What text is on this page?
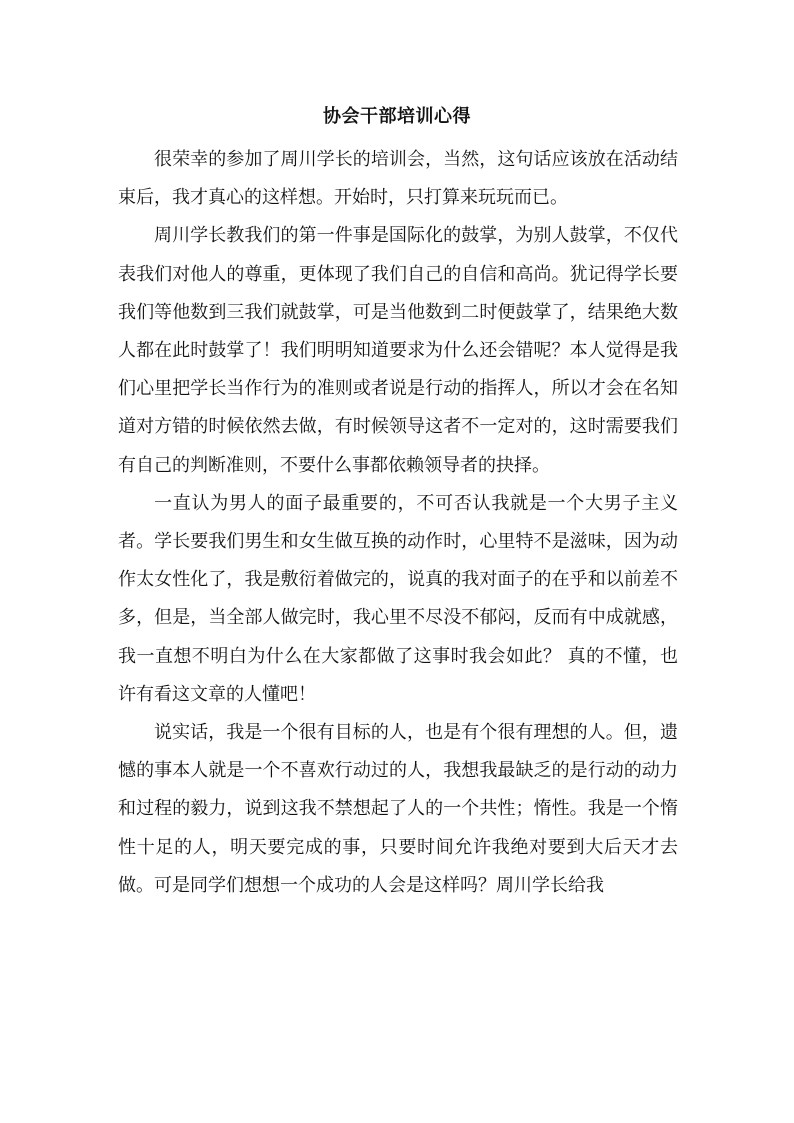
协会干部培训心得

很荣幸的参加了周川学长的培训会，当然，这句话应该放在活动结束后，我才真心的这样想。开始时，只打算来玩玩而已。

周川学长教我们的第一件事是国际化的鼓掌，为别人鼓掌，不仅代表我们对他人的尊重，更体现了我们自己的自信和高尚。犹记得学长要我们等他数到三我们就鼓掌，可是当他数到二时便鼓掌了，结果绝大数人都在此时鼓掌了！我们明明知道要求为什么还会错呢？本人觉得是我们心里把学长当作行为的准则或者说是行动的指挥人，所以才会在名知道对方错的时候依然去做，有时候领导这者不一定对的，这时需要我们有自己的判断准则，不要什么事都依赖领导者的抉择。

一直认为男人的面子最重要的，不可否认我就是一个大男子主义者。学长要我们男生和女生做互换的动作时，心里特不是滋味，因为动作太女性化了，我是敷衍着做完的，说真的我对面子的在乎和以前差不多，但是，当全部人做完时，我心里不尽没不郁闷，反而有中成就感，我一直想不明白为什么在大家都做了这事时我会如此？ 真的不懂，也许有看这文章的人懂吧！

说实话，我是一个很有目标的人，也是有个很有理想的人。但，遗憾的事本人就是一个不喜欢行动过的人，我想我最缺乏的是行动的动力和过程的毅力，说到这我不禁想起了人的一个共性；惰性。我是一个惰性十足的人，明天要完成的事，只要时间允许我绝对要到大后天才去做。可是同学们想想一个成功的人会是这样吗？周川学长给我
